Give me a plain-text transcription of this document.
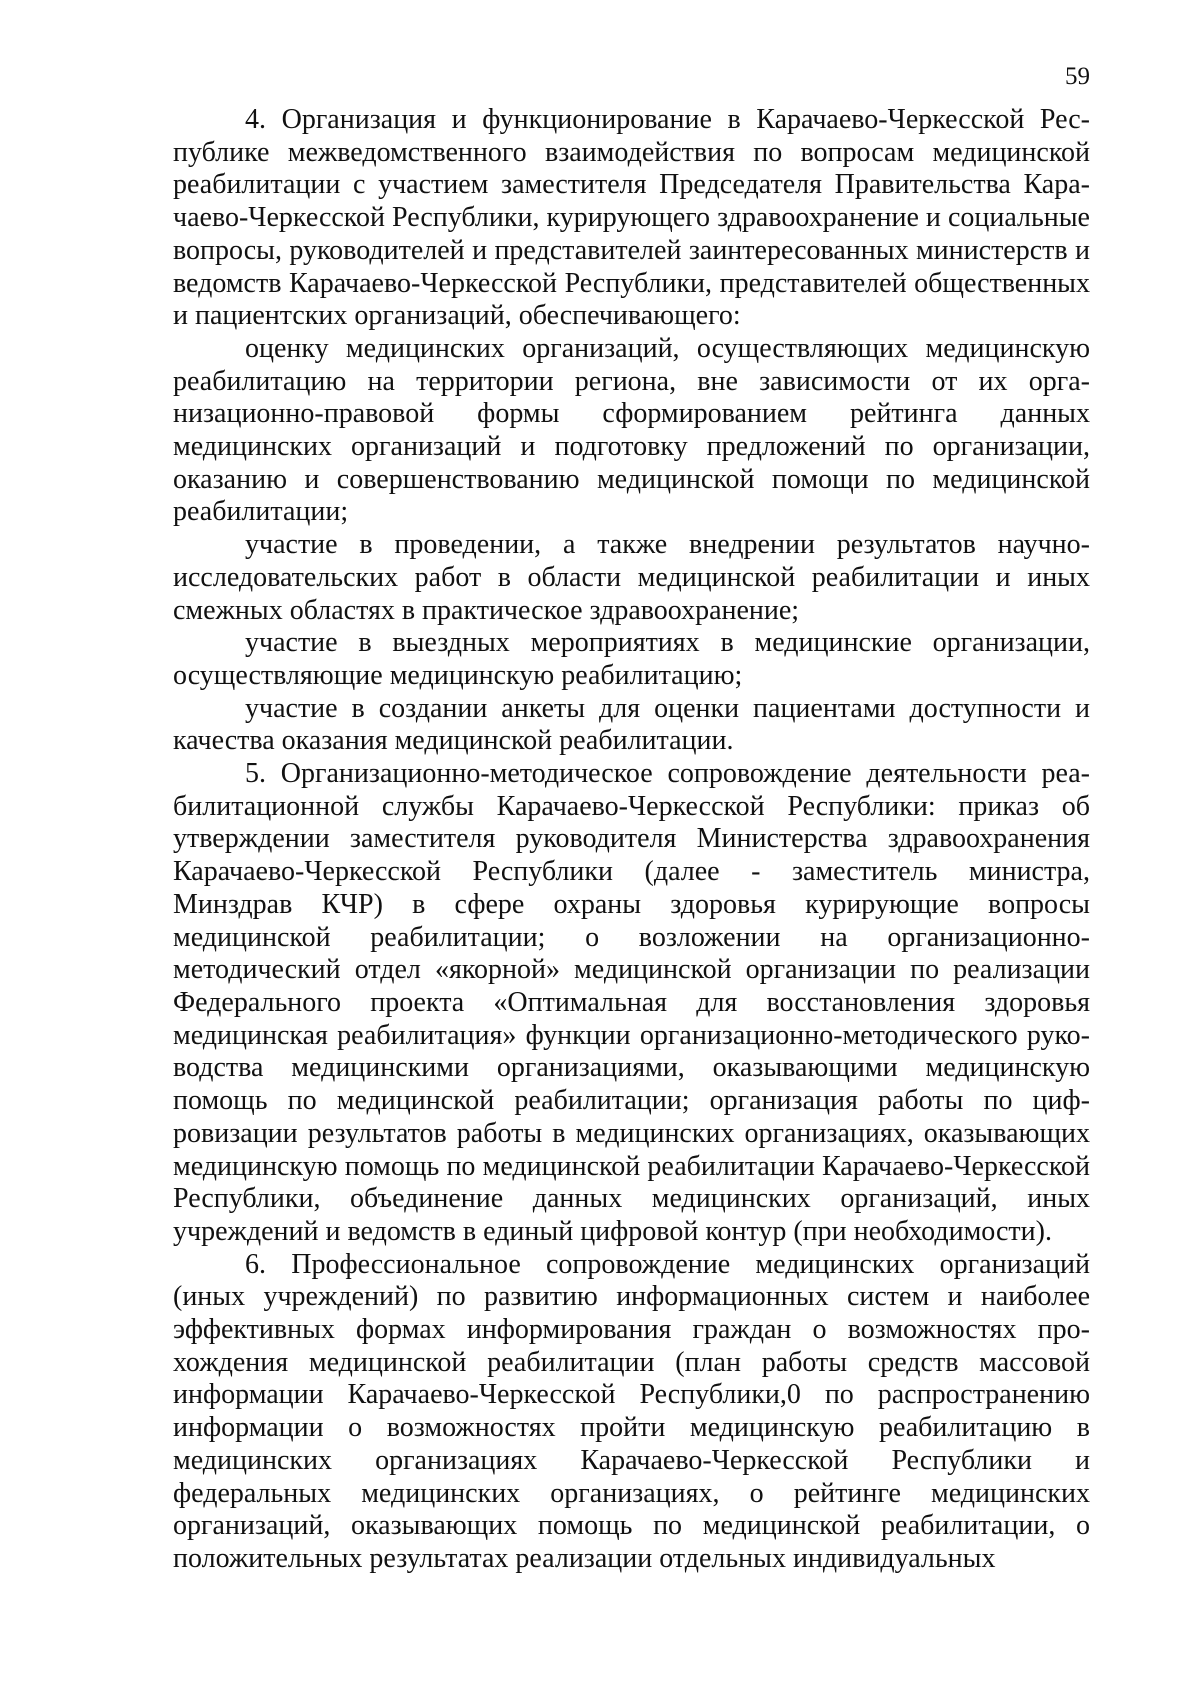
59

4. Организация и функционирование в Карачаево-Черкесской Республике межведомственного взаимодействия по вопросам медицинской реабилитации с участием заместителя Председателя Правительства Карачаево-Черкесской Республики, курирующего здравоохранение и социальные вопросы, руководителей и представителей заинтересованных министерств и ведомств Карачаево-Черкесской Республики, представителей общественных и пациентских организаций, обеспечивающего:

оценку медицинских организаций, осуществляющих медицинскую реабилитацию на территории региона, вне зависимости от их организационно-правовой формы сформированием рейтинга данных медицинских организаций и подготовку предложений по организации, оказанию и совершенствованию медицинской помощи по медицинской реабилитации;

участие в проведении, а также внедрении результатов научно-исследовательских работ в области медицинской реабилитации и иных смежных областях в практическое здравоохранение;

участие в выездных мероприятиях в медицинские организации, осуществляющие медицинскую реабилитацию;

участие в создании анкеты для оценки пациентами доступности и качества оказания медицинской реабилитации.

5. Организационно-методическое сопровождение деятельности реабилитационной службы Карачаево-Черкесской Республики: приказ об утверждении заместителя руководителя Министерства здравоохранения Карачаево-Черкесской Республики (далее - заместитель министра, Минздрав КЧР) в сфере охраны здоровья курирующие вопросы медицинской реабилитации; о возложении на организационно-методический отдел «якорной» медицинской организации по реализации Федерального проекта «Оптимальная для восстановления здоровья медицинская реабилитация» функции организационно-методического руководства медицинскими организациями, оказывающими медицинскую помощь по медицинской реабилитации; организация работы по цифровизации результатов работы в медицинских организациях, оказывающих медицинскую помощь по медицинской реабилитации Карачаево-Черкесской Республики, объединение данных медицинских организаций, иных учреждений и ведомств в единый цифровой контур (при необходимости).

6. Профессиональное сопровождение медицинских организаций (иных учреждений) по развитию информационных систем и наиболее эффективных формах информирования граждан о возможностях прохождения медицинской реабилитации (план работы средств массовой информации Карачаево-Черкесской Республики,0 по распространению информации о возможностях пройти медицинскую реабилитацию в медицинских организациях Карачаево-Черкесской Республики и федеральных медицинских организациях, о рейтинге медицинских организаций, оказывающих помощь по медицинской реабилитации, о положительных результатах реализации отдельных индивидуальных
